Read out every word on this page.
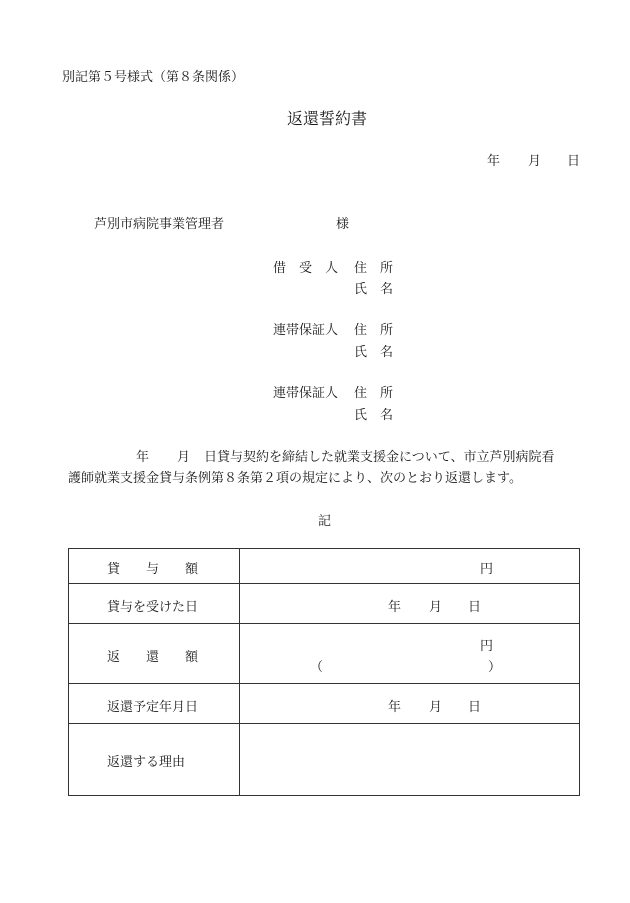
別記第５号様式（第８条関係）
返還誓約書
年 月 日
芦別市病院事業管理者	様
借　受　人 住　所
氏　名
連帯保証人 住　所
氏　名
連帯保証人 住　所
氏　名
年 月 日貸与契約を締結した就業支援金について、市立芦別病院看
護師就業支援金貸与条例第８条第２項の規定により、次のとおり返還します。
記
貸　　与　　額	円

貸与を受けた日	年 月 日

返　　還　　額	円
（ ）

返還予定年月日	年 月 日

返還する理由	
